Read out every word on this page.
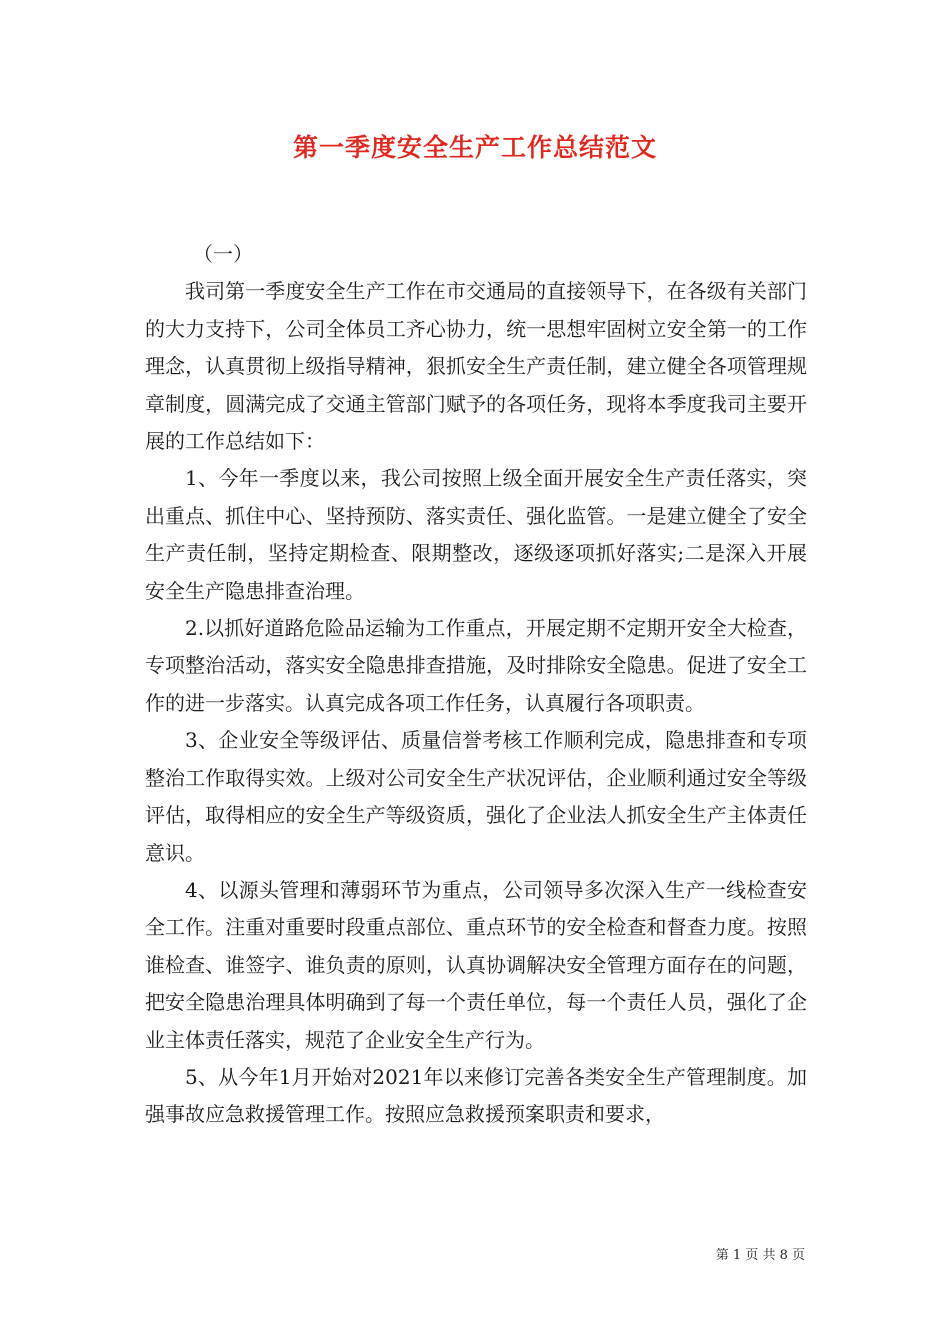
第一季度安全生产工作总结范文

（一）

我司第一季度安全生产工作在市交通局的直接领导下，在各级有关部门的大力支持下，公司全体员工齐心协力，统一思想牢固树立安全第一的工作理念，认真贯彻上级指导精神，狠抓安全生产责任制，建立健全各项管理规章制度，圆满完成了交通主管部门赋予的各项任务，现将本季度我司主要开展的工作总结如下：

1、今年一季度以来，我公司按照上级全面开展安全生产责任落实，突出重点、抓住中心、坚持预防、落实责任、强化监管。一是建立健全了安全生产责任制，坚持定期检查、限期整改，逐级逐项抓好落实;二是深入开展安全生产隐患排查治理。

2.以抓好道路危险品运输为工作重点，开展定期不定期开安全大检查，专项整治活动，落实安全隐患排查措施，及时排除安全隐患。促进了安全工作的进一步落实。认真完成各项工作任务，认真履行各项职责。

3、企业安全等级评估、质量信誉考核工作顺利完成，隐患排查和专项整治工作取得实效。上级对公司安全生产状况评估，企业顺利通过安全等级评估，取得相应的安全生产等级资质，强化了企业法人抓安全生产主体责任意识。

4、以源头管理和薄弱环节为重点，公司领导多次深入生产一线检查安全工作。注重对重要时段重点部位、重点环节的安全检查和督查力度。按照谁检查、谁签字、谁负责的原则，认真协调解决安全管理方面存在的问题，把安全隐患治理具体明确到了每一个责任单位，每一个责任人员，强化了企业主体责任落实，规范了企业安全生产行为。

5、从今年1月开始对2021年以来修订完善各类安全生产管理制度。加强事故应急救援管理工作。按照应急救援预案职责和要求，

第 1 页 共 8 页
